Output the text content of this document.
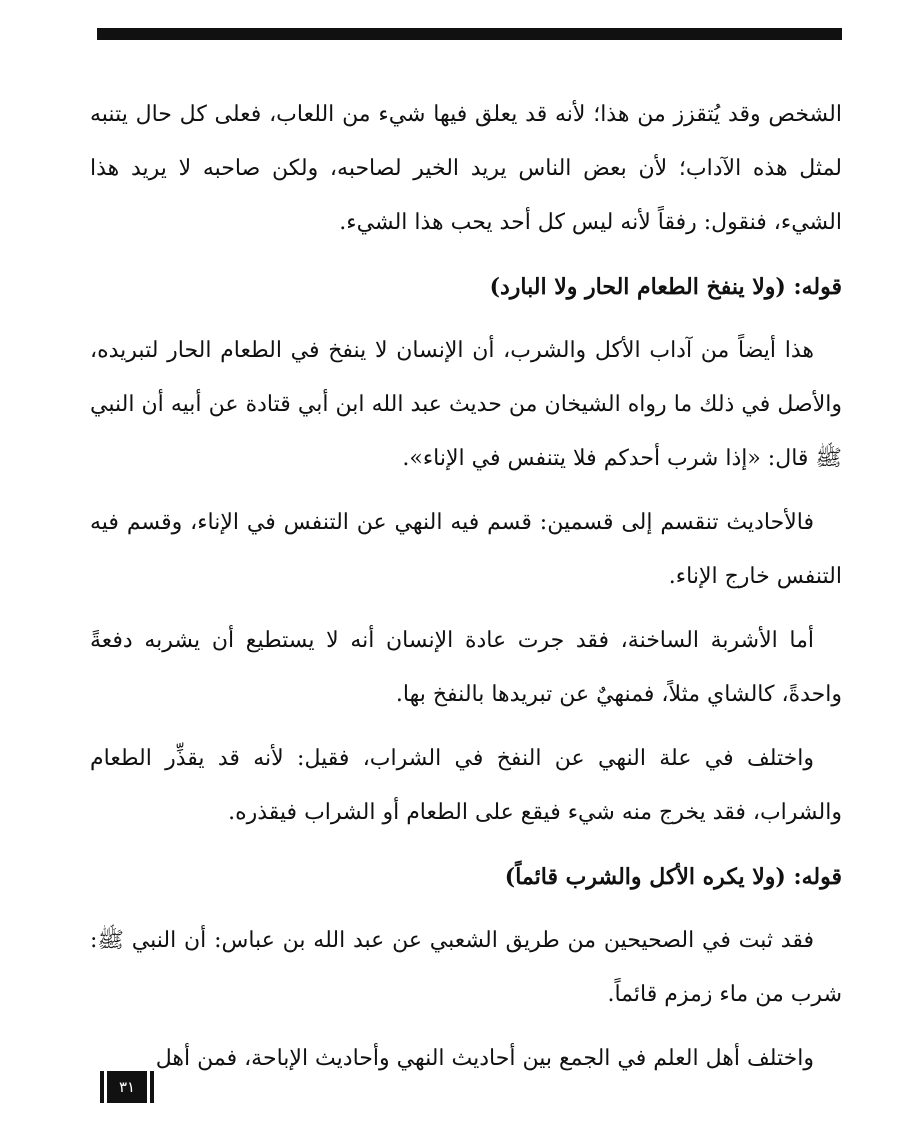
الشخص وقد يُتقزز من هذا؛ لأنه قد يعلق فيها شيء من اللعاب، فعلى كل حال يتنبه لمثل هذه الآداب؛ لأن بعض الناس يريد الخير لصاحبه، ولكن صاحبه لا يريد هذا الشيء، فنقول: رفقاً لأنه ليس كل أحد يحب هذا الشيء.

قوله: (ولا ينفخ الطعام الحار ولا البارد)

هذا أيضاً من آداب الأكل والشرب، أن الإنسان لا ينفخ في الطعام الحار لتبريده، والأصل في ذلك ما رواه الشيخان من حديث عبد الله ابن أبي قتادة عن أبيه أن النبي ﷺ قال: «إذا شرب أحدكم فلا يتنفس في الإناء».

فالأحاديث تنقسم إلى قسمين: قسم فيه النهي عن التنفس في الإناء، وقسم فيه التنفس خارج الإناء.

أما الأشربة الساخنة، فقد جرت عادة الإنسان أنه لا يستطيع أن يشربه دفعةً واحدةً، كالشاي مثلاً، فمنهيٌ عن تبريدها بالنفخ بها.

واختلف في علة النهي عن النفخ في الشراب، فقيل: لأنه قد يقذِّر الطعام والشراب، فقد يخرج منه شيء فيقع على الطعام أو الشراب فيقذره.

قوله: (ولا يكره الأكل والشرب قائماً)

فقد ثبت في الصحيحين من طريق الشعبي عن عبد الله بن عباس: أن النبي ﷺ: شرب من ماء زمزم قائماً.

واختلف أهل العلم في الجمع بين أحاديث النهي وأحاديث الإباحة، فمن أهل

٣١
